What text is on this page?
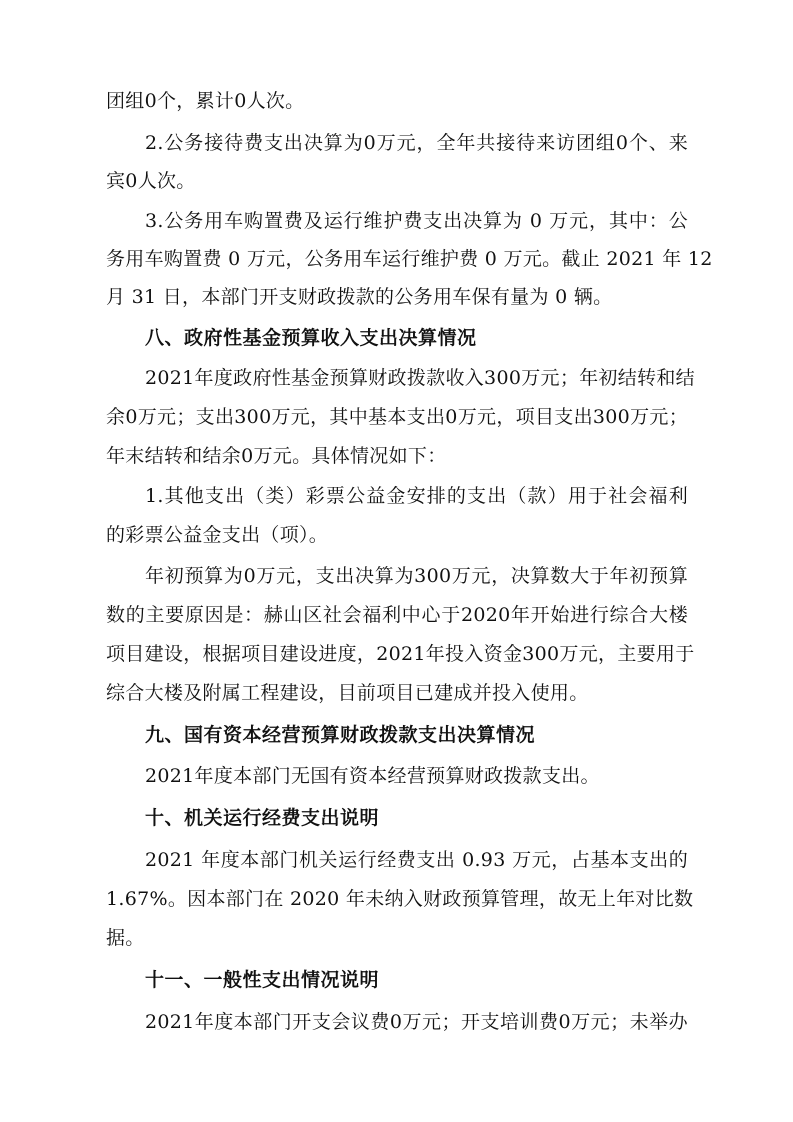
团组0个，累计0人次。
2.公务接待费支出决算为0万元，全年共接待来访团组0个、来
宾0人次。
3.公务用车购置费及运行维护费支出决算为 0 万元，其中：公
务用车购置费 0 万元，公务用车运行维护费 0 万元。截止 2021 年 12
月 31 日，本部门开支财政拨款的公务用车保有量为 0 辆。
八、政府性基金预算收入支出决算情况
2021年度政府性基金预算财政拨款收入300万元；年初结转和结
余0万元；支出300万元，其中基本支出0万元，项目支出300万元；
年末结转和结余0万元。具体情况如下：
1.其他支出（类）彩票公益金安排的支出（款）用于社会福利
的彩票公益金支出（项）。
年初预算为0万元，支出决算为300万元，决算数大于年初预算
数的主要原因是：赫山区社会福利中心于2020年开始进行综合大楼
项目建设，根据项目建设进度，2021年投入资金300万元，主要用于
综合大楼及附属工程建设，目前项目已建成并投入使用。
九、国有资本经营预算财政拨款支出决算情况
2021年度本部门无国有资本经营预算财政拨款支出。
十、机关运行经费支出说明
2021 年度本部门机关运行经费支出 0.93 万元，占基本支出的
1.67%。因本部门在 2020 年未纳入财政预算管理，故无上年对比数
据。
十一、一般性支出情况说明
2021年度本部门开支会议费0万元；开支培训费0万元；未举办
